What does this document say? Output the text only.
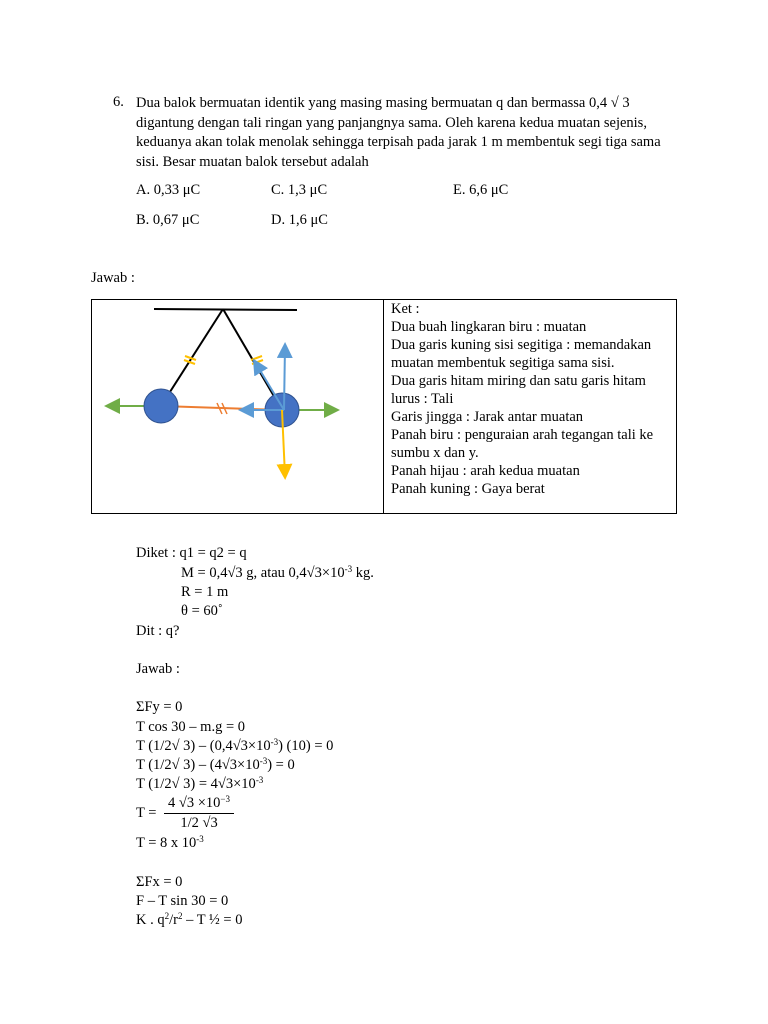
6. Dua balok bermuatan identik yang masing masing bermuatan q dan bermassa 0,4 √ 3 digantung dengan tali ringan yang panjangnya sama. Oleh karena kedua muatan sejenis, keduanya akan tolak menolak sehingga terpisah pada jarak 1 m membentuk segi tiga sama sisi. Besar muatan balok tersebut adalah
A. 0,33 μC	C. 1,3 μC	E. 6,6 μC
B. 0,67 μC	D. 1,6 μC
Jawab :
Ket :
Dua buah lingkaran biru : muatan
Dua garis kuning sisi segitiga : memandakan muatan membentuk segitiga sama sisi.
Dua garis hitam miring dan satu garis hitam lurus : Tali
Garis jingga : Jarak antar muatan
Panah biru : penguraian arah tegangan tali ke sumbu x dan y.
Panah hijau : arah kedua muatan
Panah kuning : Gaya berat
Diket : q1 = q2 = q
M = 0,4√3 g, atau $0,4√3\times 10^{-3}$ kg.
R = 1 m
θ = 60˚
Dit : q?
Jawab :
ΣFy = 0
T cos 30 – m.g = 0
T (1/2√ $3) - (0,4√3\times 10^{-3}) (10) = 0$
T (1/2√ $3) - (4√3\times 10^{-3}) = 0$
T (1/2√ $3) = 4√3\times 10^{-3}$
$T = \frac{4 √3 \times 10^{-3}}{1/2 √3}$
T = 8 x $10^{-3}$
ΣFx = 0
F – T sin 30 = 0
K . $q^2/r^2$ – T ½ = 0
